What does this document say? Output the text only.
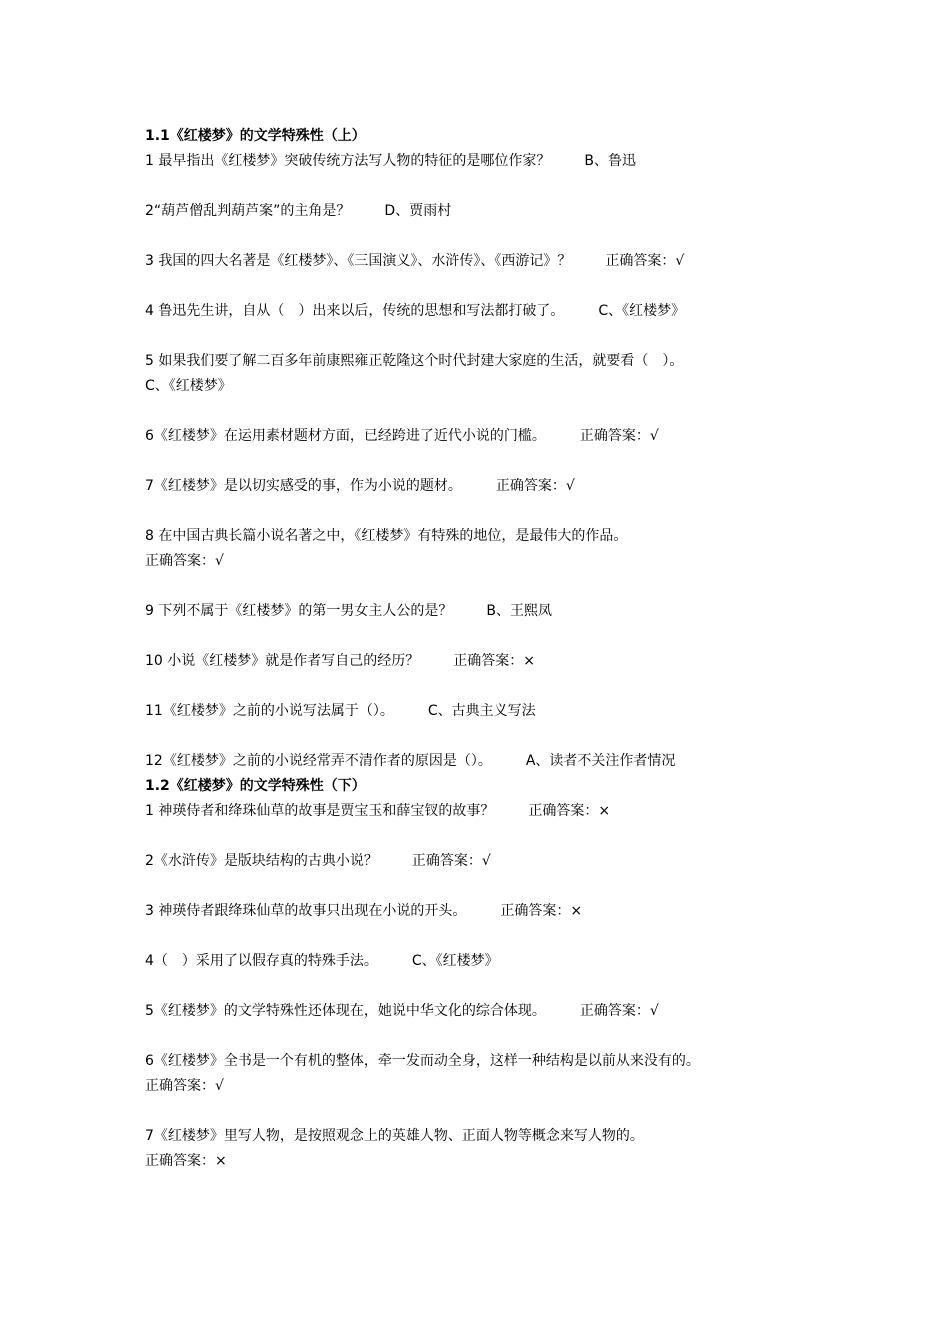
1.1《红楼梦》的文学特殊性（上）
1 最早指出《红楼梦》突破传统方法写人物的特征的是哪位作家？ B、鲁迅
2“葫芦僧乱判葫芦案”的主角是？ D、贾雨村
3 我国的四大名著是《红楼梦》、《三国演义》、水浒传》、《西游记》？ 正确答案：√
4 鲁迅先生讲，自从（　）出来以后，传统的思想和写法都打破了。 C、《红楼梦》
5 如果我们要了解二百多年前康熙雍正乾隆这个时代封建大家庭的生活，就要看（　）。
C、《红楼梦》
6《红楼梦》在运用素材题材方面，已经跨进了近代小说的门槛。 正确答案：√
7《红楼梦》是以切实感受的事，作为小说的题材。 正确答案：√
8 在中国古典长篇小说名著之中，《红楼梦》有特殊的地位，是最伟大的作品。
正确答案：√
9 下列不属于《红楼梦》的第一男女主人公的是？ B、王熙凤
10 小说《红楼梦》就是作者写自己的经历？ 正确答案：×
11《红楼梦》之前的小说写法属于（）。 C、古典主义写法
12《红楼梦》之前的小说经常弄不清作者的原因是（）。 A、读者不关注作者情况
1.2《红楼梦》的文学特殊性（下）
1 神瑛侍者和绛珠仙草的故事是贾宝玉和薛宝钗的故事？ 正确答案：×
2《水浒传》是版块结构的古典小说？ 正确答案：√
3 神瑛侍者跟绛珠仙草的故事只出现在小说的开头。 正确答案：×
4（　）采用了以假存真的特殊手法。 C、《红楼梦》
5《红楼梦》的文学特殊性还体现在，她说中华文化的综合体现。 正确答案：√
6《红楼梦》全书是一个有机的整体，牵一发而动全身，这样一种结构是以前从来没有的。
正确答案：√
7《红楼梦》里写人物，是按照观念上的英雄人物、正面人物等概念来写人物的。
正确答案：×
